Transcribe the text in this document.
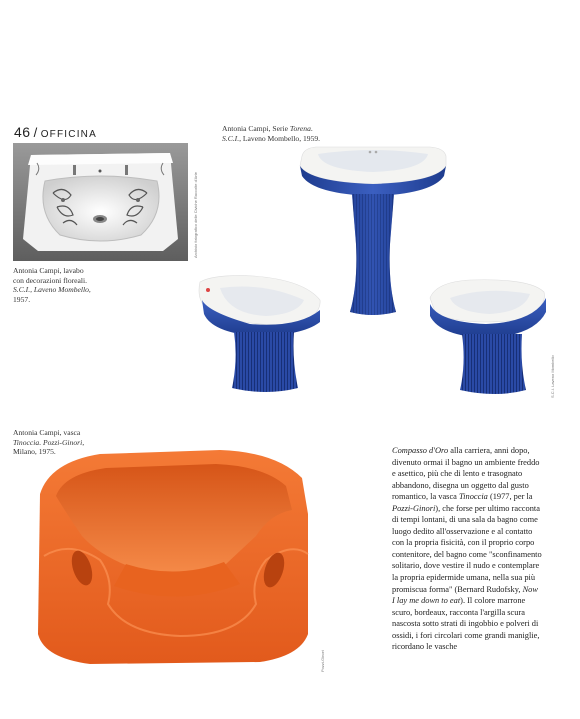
46 / OFFICINA
Archivio fotografico delle Civiche Raccolte d'Arte
Antonia Campi, lavabo
con decorazioni floreali.
S.C.I., Laveno Mombello,
1957.
Antonia Campi, Serie Torena.
S.C.I., Laveno Mombello, 1959.
S.C.I. Laveno Mombello
Antonia Campi, vasca
Tinoccia. Pozzi-Ginori,
Milano, 1975.
Pozzi-Ginori

Compasso d'Oro alla carriera, anni dopo, divenuto ormai il bagno un ambiente freddo e asettico, più che di lento e trasognato abbandono, disegna un oggetto dal gusto romantico, la vasca Tinoccia (1977, per la Pozzi-Ginori), che forse per ultimo racconta di tempi lontani, di una sala da bagno come luogo dedito all'osservazione e al contatto con la propria fisicità, con il proprio corpo contenitore, del bagno come "sconfinamento solitario, dove vestire il nudo e contemplare la propria epidermide umana, nella sua più promiscua forma" (Bernard Rudofsky, Now I lay me down to eat). Il colore marrone scuro, bordeaux, racconta l'argilla scura nascosta sotto strati di ingobbio e polveri di ossidi, i fori circolari come grandi maniglie, ricordano le vasche
